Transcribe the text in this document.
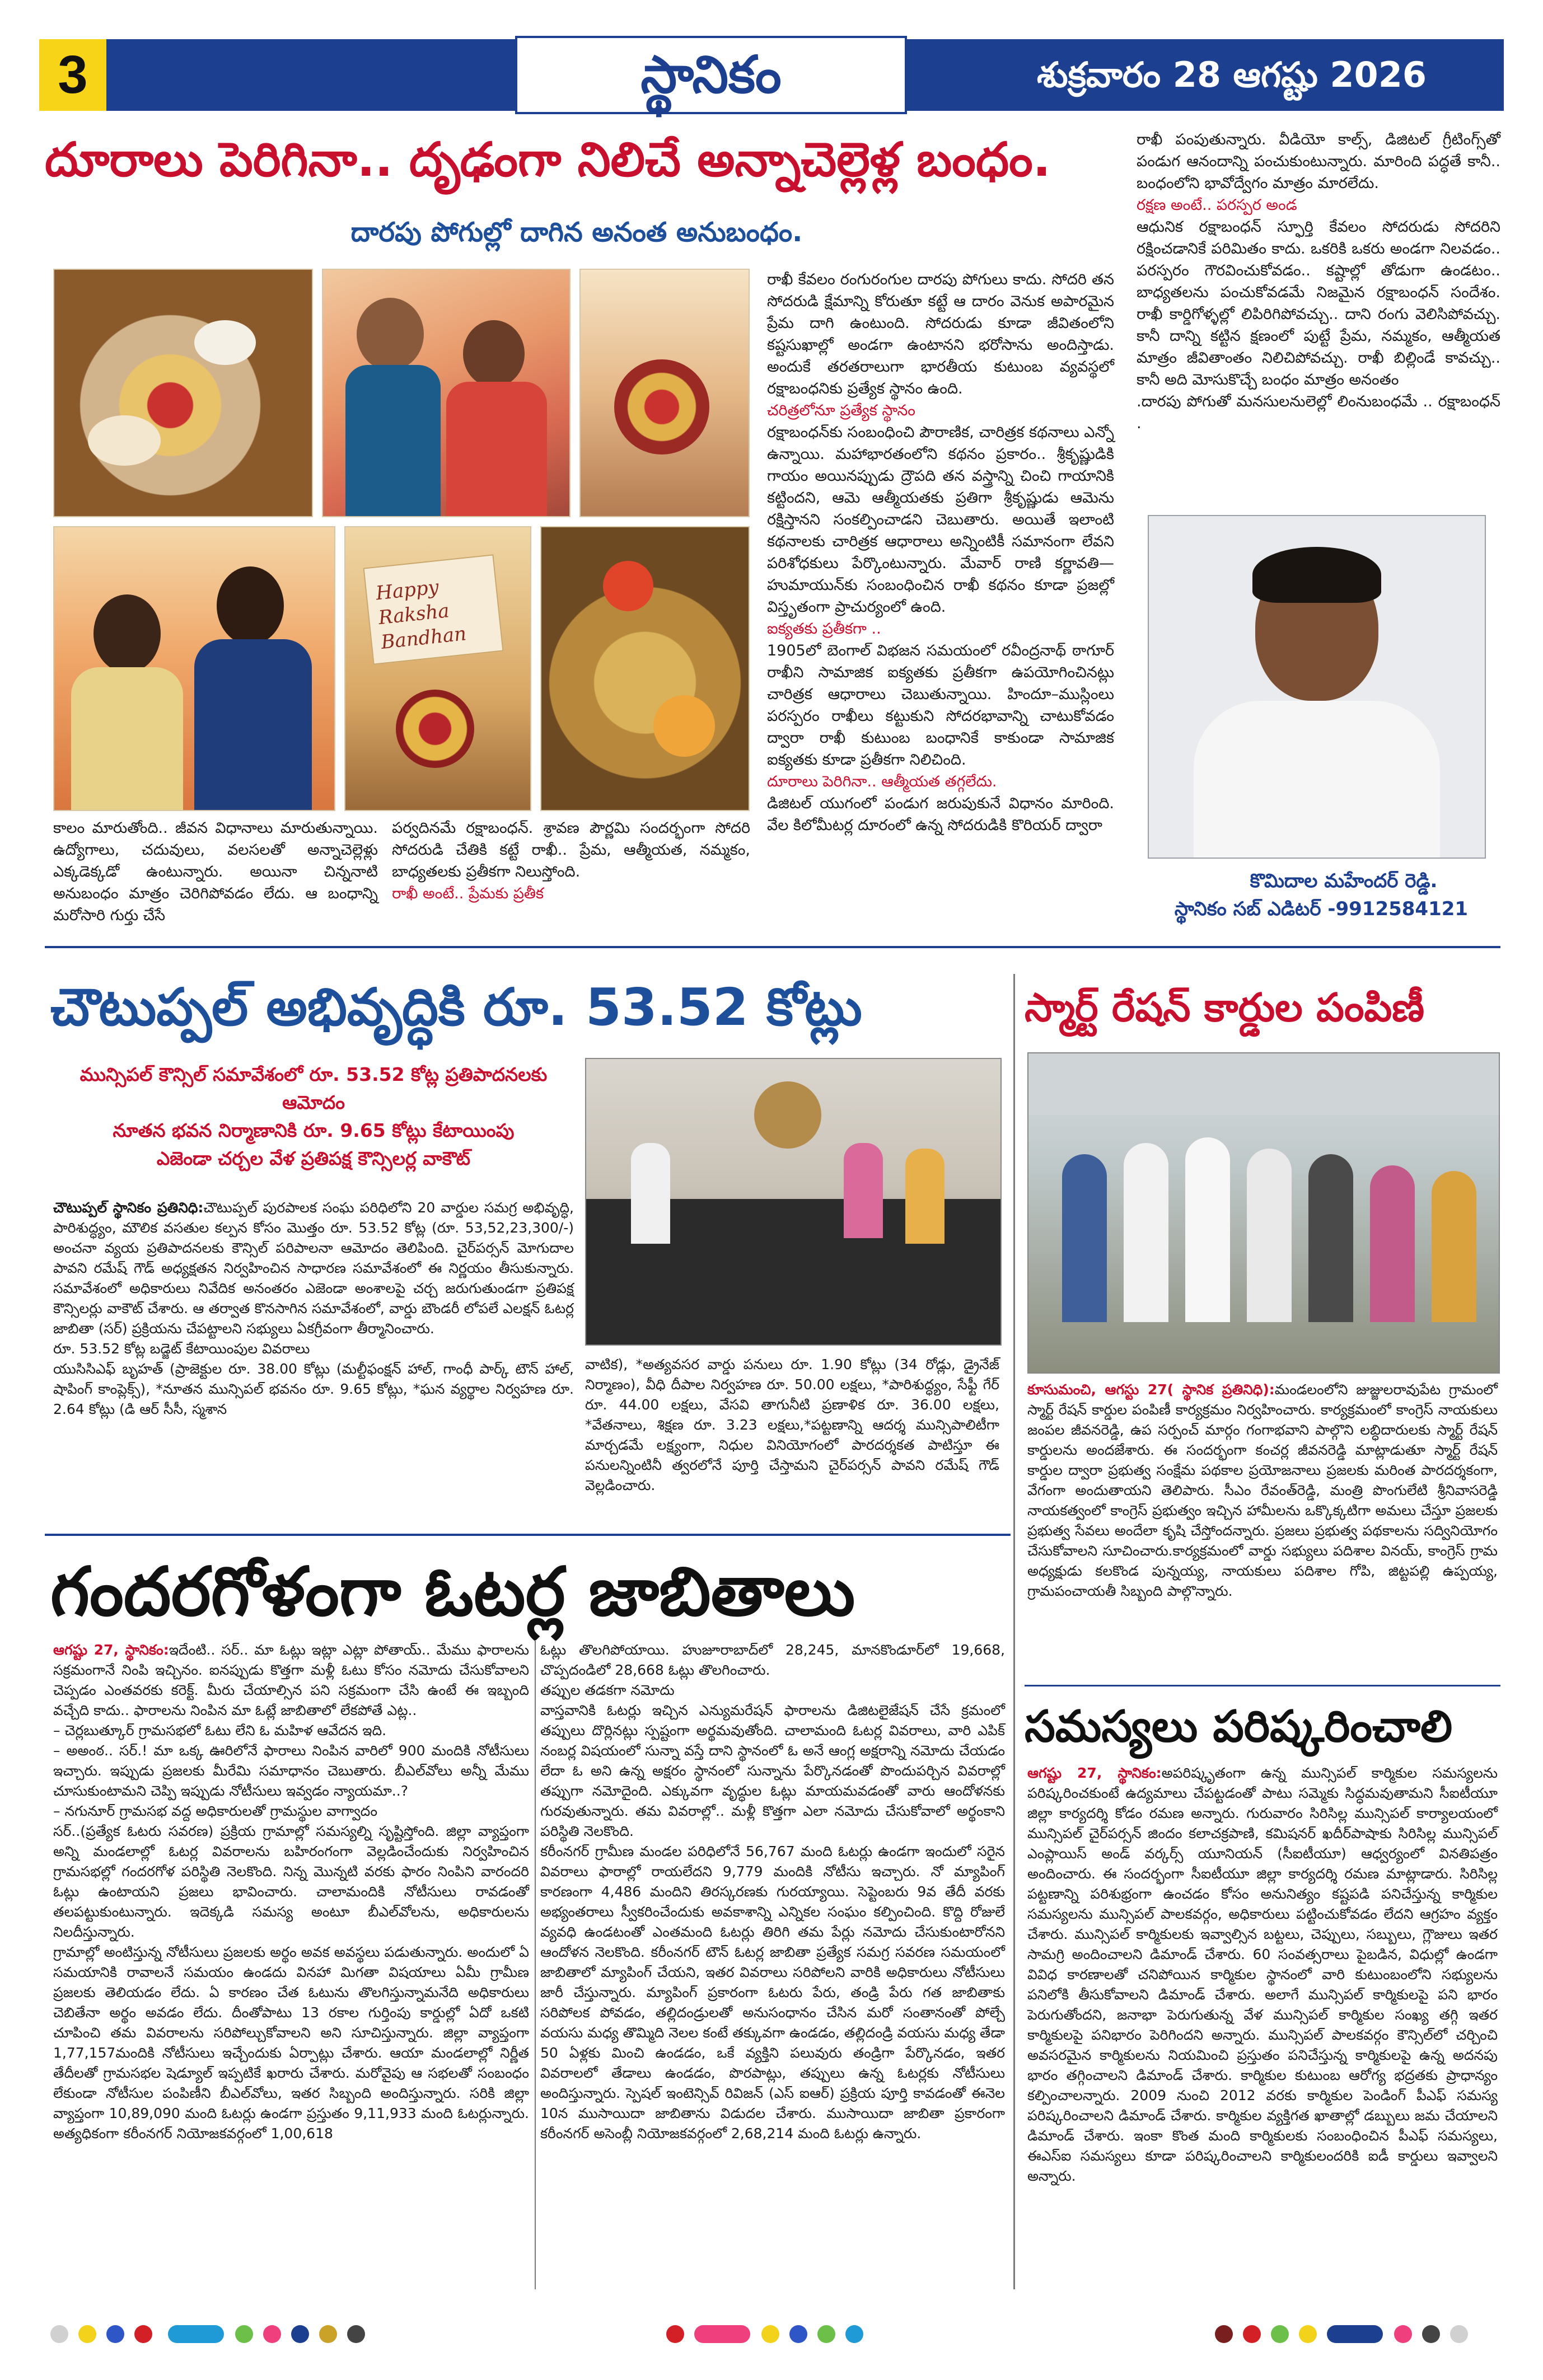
3	స్థానికం	శుక్రవారం 28 ఆగష్టు 2026
దూరాలు పెరిగినా.. దృఢంగా నిలిచే అన్నాచెల్లెళ్ల బంధం.
దారపు పోగుల్లో దాగిన అనంత అనుబంధం.
Happy Raksha Bandhan
కాలం మారుతోంది.. జీవన విధానాలు మారుతున్నాయి. ఉద్యోగాలు, చదువులు, వలసలతో అన్నాచెల్లెళ్లు ఎక్కడెక్కడో ఉంటున్నారు. అయినా చిన్ననాటి అనుబంధం మాత్రం చెరిగిపోవడం లేదు. ఆ బంధాన్ని మరోసారి గుర్తు చేసే
పర్వదినమే రక్షాబంధన్. శ్రావణ పౌర్ణమి సందర్భంగా సోదరి సోదరుడి చేతికి కట్టే రాఖీ.. ప్రేమ, ఆత్మీయత, నమ్మకం, బాధ్యతలకు ప్రతీకగా నిలుస్తోంది.
రాఖీ అంటే.. ప్రేమకు ప్రతీక
రాఖీ కేవలం రంగురంగుల దారపు పోగులు కాదు. సోదరి తన సోదరుడి క్షేమాన్ని కోరుతూ కట్టే ఆ దారం వెనుక అపారమైన ప్రేమ దాగి ఉంటుంది. సోదరుడు కూడా జీవితంలోని కష్టసుఖాల్లో అండగా ఉంటానని భరోసాను అందిస్తాడు. అందుకే తరతరాలుగా భారతీయ కుటుంబ వ్యవస్థలో రక్షాబంధనికు ప్రత్యేక స్థానం ఉంది.
చరిత్రలోనూ ప్రత్యేక స్థానం
రక్షాబంధన్‌కు సంబంధించి పౌరాణిక, చారిత్రక కథనాలు ఎన్నో ఉన్నాయి. మహాభారతంలోని కథనం ప్రకారం.. శ్రీకృష్ణుడికి గాయం అయినప్పుడు ద్రౌపది తన వస్త్రాన్ని చించి గాయానికి కట్టిందని, ఆమె ఆత్మీయతకు ప్రతిగా శ్రీకృష్ణుడు ఆమెను రక్షిస్తానని సంకల్పించాడని చెబుతారు. అయితే ఇలాంటి కథనాలకు చారిత్రక ఆధారాలు అన్నింటికీ సమానంగా లేవని పరిశోధకులు పేర్కొంటున్నారు. మేవార్ రాణి కర్ణావతి—హుమాయున్‌కు సంబంధించిన రాఖీ కథనం కూడా ప్రజల్లో విస్తృతంగా ప్రాచుర్యంలో ఉంది.
ఐక్యతకు ప్రతీకగా ..
1905లో బెంగాల్ విభజన సమయంలో రవీంద్రనాథ్ ఠాగూర్ రాఖీని సామాజిక ఐక్యతకు ప్రతీకగా ఉపయోగించినట్లు చారిత్రక ఆధారాలు చెబుతున్నాయి. హిందూ–ముస్లింలు పరస్పరం రాఖీలు కట్టుకుని సోదరభావాన్ని చాటుకోవడం ద్వారా రాఖీ కుటుంబ బంధానికే కాకుండా సామాజిక ఐక్యతకు కూడా ప్రతీకగా నిలిచింది.
దూరాలు పెరిగినా.. ఆత్మీయత తగ్గలేదు.
డిజిటల్ యుగంలో పండుగ జరుపుకునే విధానం మారింది. వేల కిలోమీటర్ల దూరంలో ఉన్న సోదరుడికి కొరియర్ ద్వారా
రాఖీ పంపుతున్నారు. వీడియో కాల్స్, డిజిటల్ గ్రీటింగ్స్‌తో పండుగ ఆనందాన్ని పంచుకుంటున్నారు. మారింది పద్ధతే కానీ.. బంధంలోని భావోద్వేగం మాత్రం మారలేదు.
రక్షణ అంటే.. పరస్పర అండ
ఆధునిక రక్షాబంధన్ స్ఫూర్తి కేవలం సోదరుడు సోదరిని రక్షించడానికే పరిమితం కాదు. ఒకరికి ఒకరు అండగా నిలవడం.. పరస్పరం గౌరవించుకోవడం.. కష్టాల్లో తోడుగా ఉండటం.. బాధ్యతలను పంచుకోవడమే నిజమైన రక్షాబంధన్ సందేశం. రాఖీ కార్డిగోళ్ళల్లో లిపిరిగిపోవచ్చు.. దాని రంగు వెలిసిపోవచ్చు. కానీ దాన్ని కట్టిన క్షణంలో పుట్టే ప్రేమ, నమ్మకం, ఆత్మీయత మాత్రం జీవితాంతం నిలిచిపోవచ్చు. రాఖీ బిల్లిండే కావచ్చు.. కానీ అది మోసుకొచ్చే బంధం మాత్రం అనంతం
.దారపు పోగుతో మనసులనులెల్లో లింనుబంధమే .. రక్షాబంధన్ .
కొమిదాల మహేందర్ రెడ్డి.
స్థానికం సబ్ ఎడిటర్ -9912584121
చౌటుప్పల్ అభివృద్ధికి రూ. 53.52 కోట్లు
మున్సిపల్ కౌన్సిల్ సమావేశంలో రూ. 53.52 కోట్ల ప్రతిపాదనలకు ఆమోదం
నూతన భవన నిర్మాణానికి రూ. 9.65 కోట్లు కేటాయింపు
ఎజెండా చర్చల వేళ ప్రతిపక్ష కౌన్సిలర్ల వాకౌట్
చౌటుప్పల్ స్థానికం ప్రతినిధి:చౌటుప్పల్ పురపాలక సంఘ పరిధిలోని 20 వార్డుల సమగ్ర అభివృద్ధి, పారిశుద్ధ్యం, మౌలిక వసతుల కల్పన కోసం మొత్తం రూ. 53.52 కోట్ల (రూ. 53,52,23,300/-) అంచనా వ్యయ ప్రతిపాదనలకు కౌన్సిల్ పరిపాలనా ఆమోదం తెలిపింది. చైర్‌పర్సన్ మోగుదాల పావని రమేష్ గౌడ్ అధ్యక్షతన నిర్వహించిన సాధారణ సమావేశంలో ఈ నిర్ణయం తీసుకున్నారు. సమావేశంలో అధికారులు నివేదిక అనంతరం ఎజెండా అంశాలపై చర్చ జరుగుతుండగా ప్రతిపక్ష కౌన్సిలర్లు వాకౌట్ చేశారు. ఆ తర్వాత కొనసాగిన సమావేశంలో, వార్డు బౌండరీ లోపలే ఎలక్షన్ ఓటర్ల జాబితా (సర్) ప్రక్రియను చేపట్టాలని సభ్యులు ఏకగ్రీవంగా తీర్మానించారు.
రూ. 53.52 కోట్ల బడ్జెట్ కేటాయింపుల వివరాలు
యుసిసిఎఫ్ బృహత్ (ప్రాజెక్టుల రూ. 38.00 కోట్లు (మల్టీఫంక్షన్ హాల్, గాంధీ పార్క్ టౌన్ హాల్, షాపింగ్ కాంప్లెక్స్), *నూతన మున్సిపల్ భవనం రూ. 9.65 కోట్లు, *ఘన వ్యర్థాల నిర్వహణ రూ. 2.64 కోట్లు (డి ఆర్ సీసీ, స్మశాన
వాటిక), *అత్యవసర వార్డు పనులు రూ. 1.90 కోట్లు (34 రోడ్లు, డ్రైనేజ్ నిర్మాణం), వీధి దీపాల నిర్వహణ రూ. 50.00 లక్షలు, *పారిశుద్ధ్యం, సేఫ్టీ గేర్ రూ. 44.00 లక్షలు, వేసవి తాగునీటి ప్రణాళిక రూ. 36.00 లక్షలు, *వేతనాలు, శిక్షణ రూ. 3.23 లక్షలు,*పట్టణాన్ని ఆదర్శ మున్సిపాలిటీగా మార్చడమే లక్ష్యంగా, నిధుల వినియోగంలో పారదర్శకత పాటిస్తూ ఈ పనులన్నింటినీ త్వరలోనే పూర్తి చేస్తామని చైర్‌పర్సన్ పావని రమేష్ గౌడ్ వెల్లడించారు.
స్మార్ట్ రేషన్ కార్డుల పంపిణీ
కూసుమంచి, ఆగస్టు 27( స్థానిక ప్రతినిధి):మండలంలోని జుజ్జులరావుపేట గ్రామంలో స్మార్ట్ రేషన్ కార్డుల పంపిణీ కార్యక్రమం నిర్వహించారు. కార్యక్రమంలో కాంగ్రెస్ నాయకులు జంపల జీవనరెడ్డి, ఉప సర్పంచ్ మార్గం గంగాభవాని పాల్గొని లబ్ధిదారులకు స్మార్ట్ రేషన్ కార్డులను అందజేశారు. ఈ సందర్భంగా కంచర్ల జీవనరెడ్డి మాట్లాడుతూ స్మార్ట్ రేషన్ కార్డుల ద్వారా ప్రభుత్వ సంక్షేమ పథకాల ప్రయోజనాలు ప్రజలకు మరింత పారదర్శకంగా, వేగంగా అందుతాయని తెలిపారు. సీఎం రేవంత్‌రెడ్డి, మంత్రి పొంగులేటి శ్రీనివాసరెడ్డి నాయకత్వంలో కాంగ్రెస్ ప్రభుత్వం ఇచ్చిన హామీలను ఒక్కొక్కటిగా అమలు చేస్తూ ప్రజలకు ప్రభుత్వ సేవలు అందేలా కృషి చేస్తోందన్నారు. ప్రజలు ప్రభుత్వ పథకాలను సద్వినియోగం చేసుకోవాలని సూచించారు.కార్యక్రమంలో వార్డు సభ్యులు పదిశాల వినయ్, కాంగ్రెస్ గ్రామ అధ్యక్షుడు కలకొండ పున్నయ్య, నాయకులు పదిశాల గోపి, జిట్టపల్లి ఉప్పయ్య, గ్రామపంచాయతీ సిబ్బంది పాల్గొన్నారు.
గందరగోళంగా ఓటర్ల జాబితాలు
ఆగష్టు 27, స్థానికం:ఇదేంటి.. సర్.. మా ఓట్లు ఇట్లా ఎట్లా పోతాయ్.. మేము ఫారాలను సక్రమంగానే నింపి ఇచ్చినం. ఐనప్పుడు కొత్తగా మళ్లీ ఓటు కోసం నమోదు చేసుకోవాలని చెప్పడం ఎంతవరకు కరెక్ట్. మీరు చేయాల్సిన పని సక్రమంగా చేసి ఉంటే ఈ ఇబ్బంది వచ్చేది కాదు.. ఫారాలను నింపిన మా ఓట్లే జాబితాలో లేకపోతే ఎట్ల..
– చెర్లబుత్కూర్ గ్రామసభలో ఓటు లేని ఓ మహిళ ఆవేదన ఇది.
– అఅంఠ.. సర్.! మా ఒక్క ఊరిలోనే ఫారాలు నింపిన వారిలో 900 మందికి నోటీసులు ఇచ్చారు. ఇప్పుడు ప్రజలకు మీరేమి సమాధానం చెబుతారు. బీఎల్‌వోలు అన్నీ మేము చూసుకుంటామని చెప్పి ఇప్పుడు నోటీసులు ఇవ్వడం న్యాయమా..?
– నగునూర్ గ్రామసభ వద్ద అధికారులతో గ్రామస్థుల వాగ్వాదం
సర్..(ప్రత్యేక ఓటరు సవరణ) ప్రక్రియ గ్రామాల్లో సమస్యల్ని సృష్టిస్తోంది. జిల్లా వ్యాప్తంగా అన్ని మండలాల్లో ఓటర్ల వివరాలను బహిరంగంగా వెల్లడించేందుకు నిర్వహించిన గ్రామసభల్లో గందరగోళ పరిస్థితి నెలకొంది. నిన్న మొన్నటి వరకు ఫారం నింపిని వారందరి ఓట్లు ఉంటాయని ప్రజలు భావించారు. చాలామందికి నోటీసులు రావడంతో తలపట్టుకుంటున్నారు. ఇదెక్కడి సమస్య అంటూ బీఎల్‌వోలను, అధికారులను నిలదీస్తున్నారు.
గ్రామాల్లో అంటిస్తున్న నోటీసులు ప్రజలకు అర్థం అవక అవస్థలు పడుతున్నారు. అందులో ఏ సమయానికి రావాలనే సమయం ఉండదు వినహా మిగతా విషయాలు ఏమీ గ్రామీణ ప్రజలకు తెలియడం లేదు. ఏ కారణం చేత ఓటును తొలగిస్తున్నామనేది అధికారులు చెబితేనా అర్థం అవడం లేదు. దీంతోపాటు 13 రకాల గుర్తింపు కార్డుల్లో ఏదో ఒకటి చూపించి తమ వివరాలను సరిపోల్చుకోవాలని అని సూచిస్తున్నారు. జిల్లా వ్యాప్తంగా 1,77,157మందికి నోటీసులు ఇచ్చేందుకు ఏర్పాట్లు చేశారు. ఆయా మండలాల్లో నిర్ణీత తేదీలతో గ్రామసభల షెడ్యూల్ ఇప్పటికే ఖరారు చేశారు. మరోవైపు ఆ సభలతో సంబంధం లేకుండా నోటీసుల పంపిణీని బీఎల్‌వోలు, ఇతర సిబ్బంది అందిస్తున్నారు. సరికి జిల్లా వ్యాప్తంగా 10,89,090 మంది ఓటర్లు ఉండగా ప్రస్తుతం 9,11,933 మంది ఓటర్లున్నారు. అత్యధికంగా కరీంనగర్ నియోజకవర్గంలో 1,00,618
ఓట్లు తొలగిపోయాయి. హుజూరాబాద్‌లో 28,245, మానకొండూర్‌లో 19,668, చొప్పదండిలో 28,668 ఓట్లు తొలగించారు.
తప్పుల తడకగా నమోదు
వాస్తవానికి ఓటర్లు ఇచ్చిన ఎన్యుమరేషన్ ఫారాలను డిజిటలైజేషన్ చేసే క్రమంలో తప్పులు దొర్లినట్లు స్పష్టంగా అర్థమవుతోంది. చాలామంది ఓటర్ల వివరాలు, వారి ఎపిక్ నంబర్ల విషయంలో సున్నా వస్తే దాని స్థానంలో ఓ అనే ఆంగ్ల అక్షరాన్ని నమోదు చేయడం లేదా ఓ అని ఉన్న అక్షరం స్థానంలో సున్నాను పేర్కొనడంతో పొందుపర్చిన వివరాల్లో తప్పుగా నమోదైంది. ఎక్కువగా వృద్ధుల ఓట్లు మాయమవడంతో వారు ఆందోళనకు గురవుతున్నారు. తమ వివరాల్లో.. మళ్లీ కొత్తగా ఎలా నమోదు చేసుకోవాలో అర్థంకాని పరిస్థితి నెలకొంది.
కరీంనగర్ గ్రామీణ మండల పరిధిలోనే 56,767 మంది ఓటర్లు ఉండగా ఇందులో సరైన వివరాలు ఫారాల్లో రాయలేదని 9,779 మందికి నోటీసు ఇచ్చారు. నో మ్యాపింగ్ కారణంగా 4,486 మందిని తిరస్కరణకు గురయ్యాయి. సెప్టెంబరు 9వ తేదీ వరకు అభ్యంతరాలు స్వీకరించేందుకు అవకాశాన్ని ఎన్నికల సంఘం కల్పించింది. కొద్ది రోజులే వ్యవధి ఉండటంతో ఎంతమంది ఓటర్లు తిరిగి తమ పేర్లు నమోదు చేసుకుంటారోనని ఆందోళన నెలకొంది. కరీంనగర్ టౌన్ ఓటర్ల జాబితా ప్రత్యేక సమగ్ర సవరణ సమయంలో జాబితాలో మ్యాపింగ్ చేయని, ఇతర వివరాలు సరిపోలని వారికి అధికారులు నోటీసులు జారీ చేస్తున్నారు. మ్యాపింగ్ ప్రకారంగా ఓటరు పేరు, తండ్రి పేరు గత జాబితాకు సరిపోలక పోవడం, తల్లిదండ్రులతో అనుసంధానం చేసిన మరో సంతానంతో పోల్చే వయసు మధ్య తొమ్మిది నెలల కంటే తక్కువగా ఉండడం, తల్లిదండ్రి వయసు మధ్య తేడా 50 ఏళ్లకు మించి ఉండడం, ఒకే వ్యక్తిని పలువురు తండ్రిగా పేర్కొనడం, ఇతర వివరాలలో తేడాలు ఉండడం, పొరపాట్లు, తప్పులు ఉన్న ఓటర్లకు నోటీసులు అందిస్తున్నారు. స్పెషల్ ఇంటెన్సివ్ రివిజన్ (ఎస్ ఐఆర్) ప్రక్రియ పూర్తి కావడంతో ఈనెల 10న ముసాయిదా జాబితాను విడుదల చేశారు. ముసాయిదా జాబితా ప్రకారంగా కరీంనగర్ అసెంబ్లీ నియోజకవర్గంలో 2,68,214 మంది ఓటర్లు ఉన్నారు.
సమస్యలు పరిష్కరించాలి
ఆగష్టు 27, స్థానికం:అపరిష్కృతంగా ఉన్న మున్సిపల్ కార్మికుల సమస్యలను పరిష్కరించకుంటే ఉద్యమాలు చేపట్టడంతో పాటు సమ్మెకు సిద్ధమవుతామని సీఐటీయూ జిల్లా కార్యదర్శి కోడం రమణ అన్నారు. గురువారం సిరిసిల్ల మున్సిపల్ కార్యాలయంలో మున్సిపల్ చైర్‌పర్సన్ జిందం కలాచక్రపాణి, కమిషనర్ ఖదీర్‌పాషాకు సిరిసిల్ల మున్సిపల్ ఎంప్లాయిస్ అండ్ వర్కర్స్ యూనియన్ (సీఐటీయూ) ఆధ్వర్యంలో వినతిపత్రం అందించారు. ఈ సందర్భంగా సీఐటీయూ జిల్లా కార్యదర్శి రమణ మాట్లాడారు. సిరిసిల్ల పట్టణాన్ని పరిశుభ్రంగా ఉంచడం కోసం అనునిత్యం కష్టపడి పనిచేస్తున్న కార్మికుల సమస్యలను మున్సిపల్ పాలకవర్గం, అధికారులు పట్టించుకోవడం లేదని ఆగ్రహం వ్యక్తం చేశారు. మున్సిపల్ కార్మికులకు ఇవ్వాల్సిన బట్టలు, చెప్పులు, సబ్బులు, గ్లౌజులు ఇతర సామగ్రి అందించాలని డిమాండ్ చేశారు. 60 సంవత్సరాలు పైబడిన, విధుల్లో ఉండగా వివిధ కారణాలతో చనిపోయిన కార్మికుల స్థానంలో వారి కుటుంబంలోని సభ్యులను పనిలోకి తీసుకోవాలని డిమాండ్ చేశారు. అలాగే మున్సిపల్ కార్మికులపై పని భారం పెరుగుతోందని, జనాభా పెరుగుతున్న వేళ మున్సిపల్ కార్మికుల సంఖ్య తగ్గి ఇతర కార్మికులపై పనిభారం పెరిగిందని అన్నారు. మున్సిపల్ పాలకవర్గం కౌన్సిల్‌లో చర్చించి అవసరమైన కార్మికులను నియమించి ప్రస్తుతం పనిచేస్తున్న కార్మికులపై ఉన్న అదనపు భారం తగ్గించాలని డిమాండ్ చేశారు. కార్మికుల కుటుంబ ఆరోగ్య భద్రతకు ప్రాధాన్యం కల్పించాలన్నారు. 2009 నుంచి 2012 వరకు కార్మికుల పెండింగ్ పీఎఫ్ సమస్య పరిష్కరించాలని డిమాండ్ చేశారు. కార్మికుల వ్యక్తిగత ఖాతాల్లో డబ్బులు జమ చేయాలని డిమాండ్ చేశారు. ఇంకా కొంత మంది కార్మికులకు సంబంధించిన పీఎఫ్ సమస్యలు, ఈఎస్ఐ సమస్యలు కూడా పరిష్కరించాలని కార్మికులందరికి ఐడీ కార్డులు ఇవ్వాలని అన్నారు.
